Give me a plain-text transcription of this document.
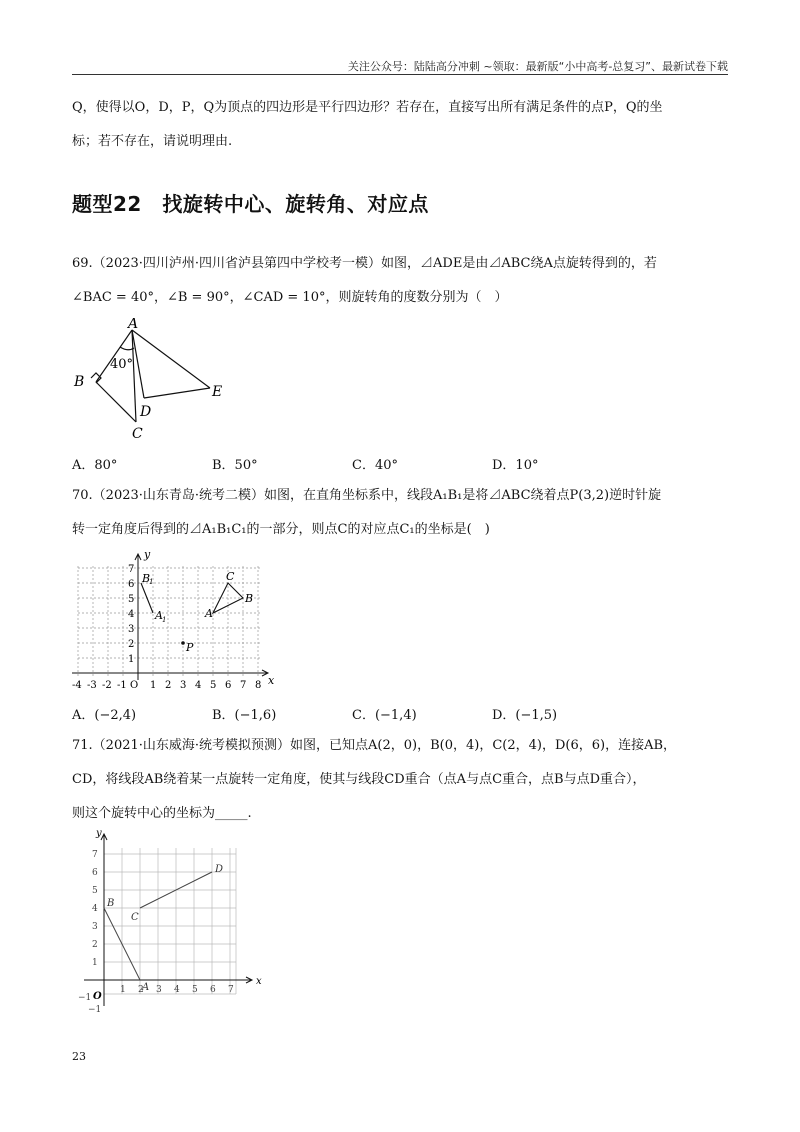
关注公众号：陆陆高分冲刺 ~领取：最新版“小中高考-总复习”、最新试卷下载
Q，使得以O，D，P，Q为顶点的四边形是平行四边形？若存在，直接写出所有满足条件的点P，Q的坐
标；若不存在，请说明理由.
题型22　找旋转中心、旋转角、对应点
69.（2023·四川泸州·四川省泸县第四中学校考一模）如图，⊿ADE是由⊿ABC绕A点旋转得到的，若
∠BAC = 40°，∠B = 90°，∠CAD = 10°，则旋转角的度数分别为（　）
A
40°
B
D
E
C
A．80°	B．50°	C．40°	D．10°
70.（2023·山东青岛·统考二模）如图，在直角坐标系中，线段A₁B₁是将⊿ABC绕着点P(3,2)逆时针旋
转一定角度后得到的⊿A₁B₁C₁的一部分，则点C的对应点C₁的坐标是(　)
y
x
1
2
3
4
5
6
7
-4 -3 -2 -1 O 1 2 3 4 5 6 7 8
B
1
A 1
P
A
C
B
A．(−2,4)	B．(−1,6)	C．(−1,4)	D．(−1,5)
71.（2021·山东威海·统考模拟预测）如图，已知点A(2，0)，B(0，4)，C(2，4)，D(6，6)，连接AB，
CD，将线段AB绕着某一点旋转一定角度，使其与线段CD重合（点A与点C重合，点B与点D重合），
则这个旋转中心的坐标为_____.
y
x
1
2
3
4
5
6
7
1 2 3 4 5 6 7
−1
−1
O
A
B
C
D
23
